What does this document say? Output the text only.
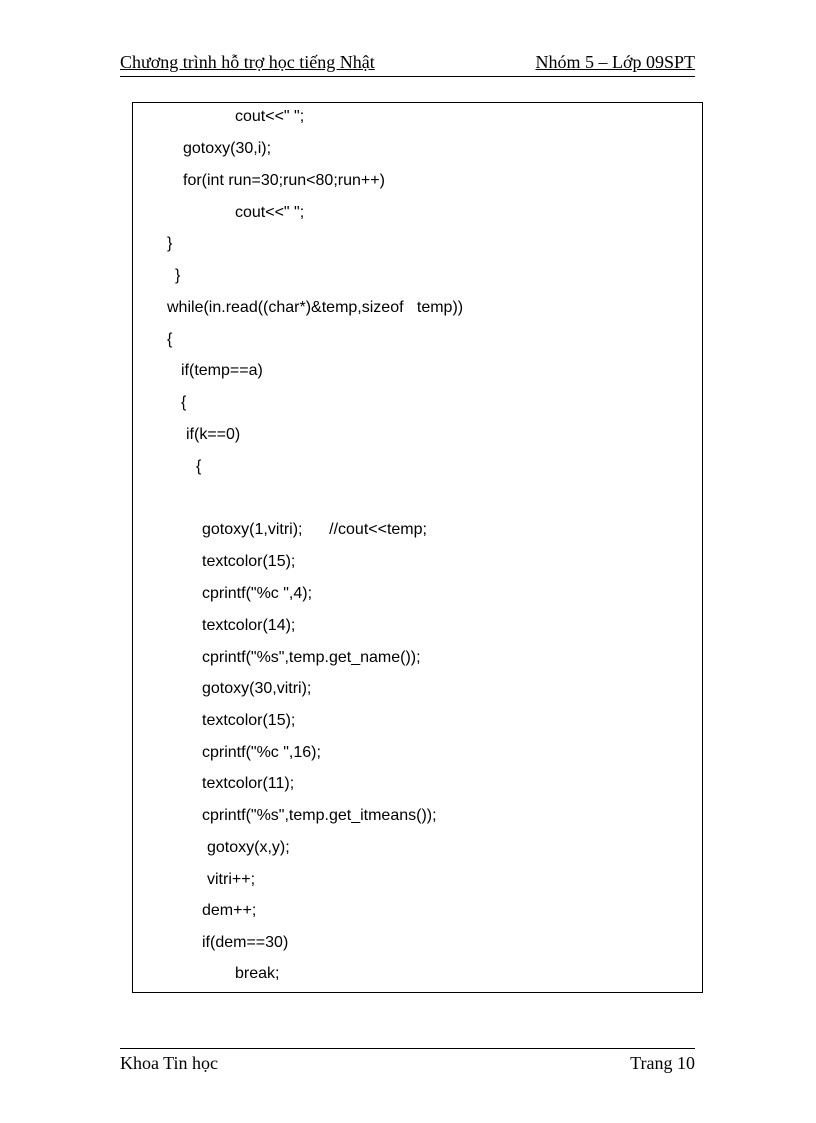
Chương trình hỗ trợ học tiếng Nhật	Nhóm 5 – Lớp 09SPT
cout<<" ";
gotoxy(30,i);
for(int run=30;run<80;run++)
cout<<" ";
}
}
while(in.read((char*)&temp,sizeof   temp))
{
if(temp==a)
{
if(k==0)
{
gotoxy(1,vitri);      //cout<<temp;
textcolor(15);
cprintf("%c ",4);
textcolor(14);
cprintf("%s",temp.get_name());
gotoxy(30,vitri);
textcolor(15);
cprintf("%c ",16);
textcolor(11);
cprintf("%s",temp.get_itmeans());
gotoxy(x,y);
vitri++;
dem++;
if(dem==30)
break;
Khoa Tin học	Trang 10
